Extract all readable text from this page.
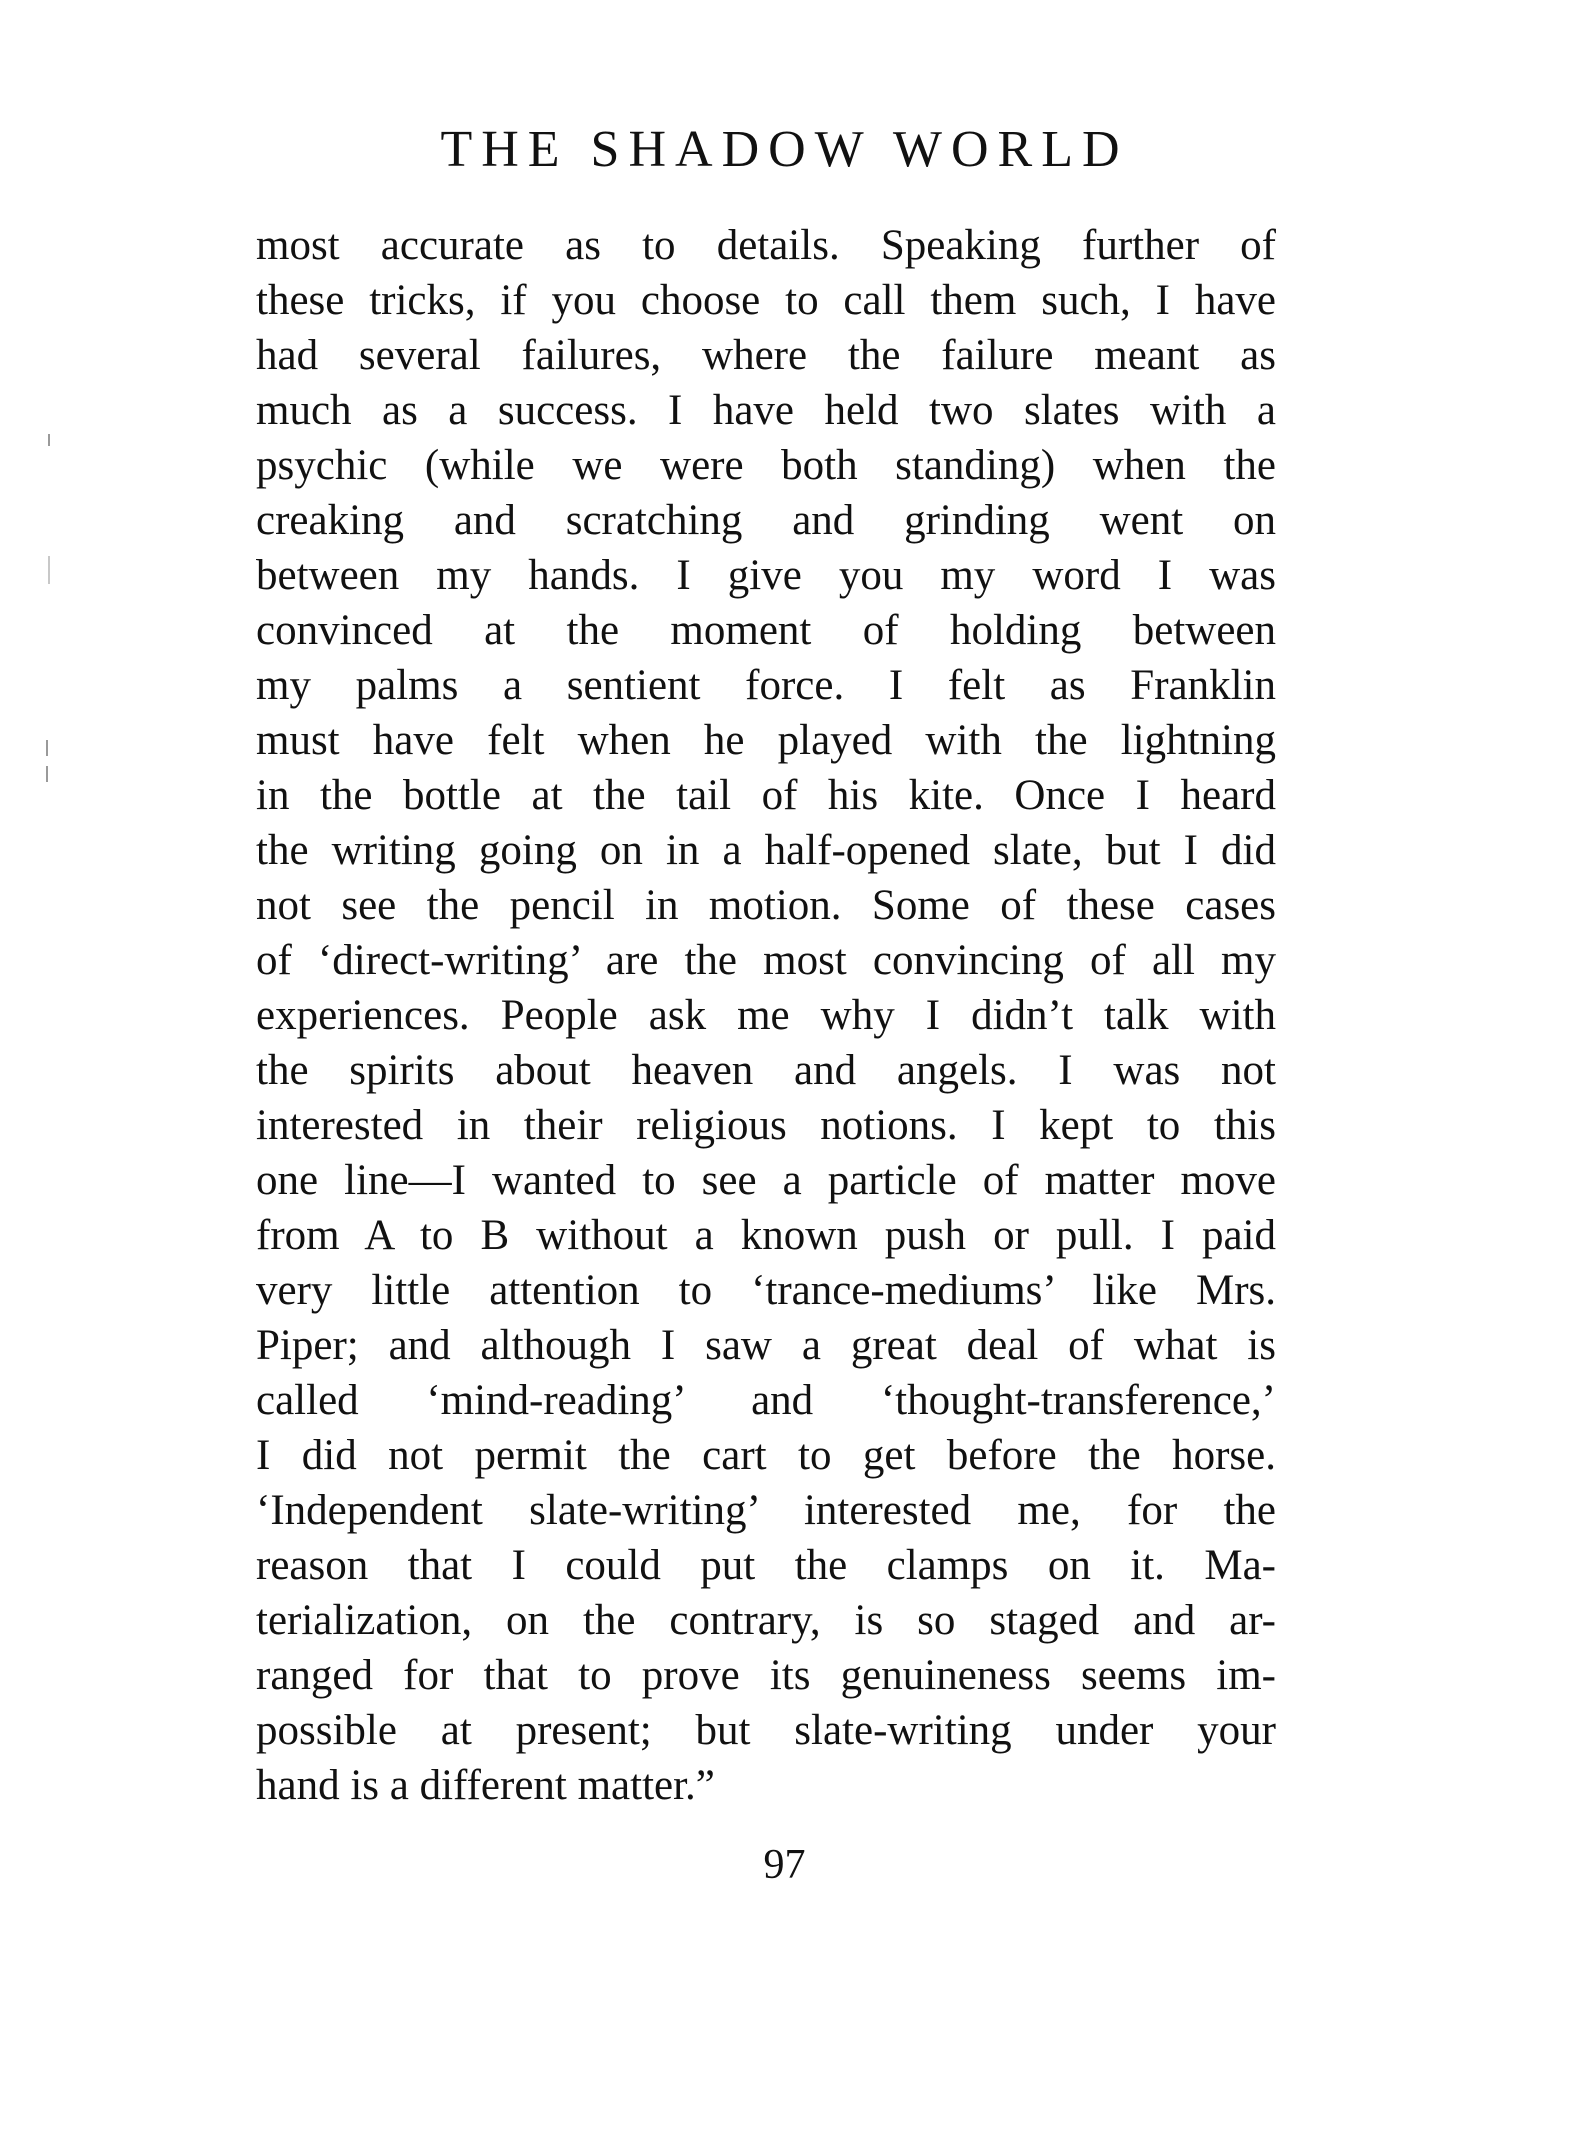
THE SHADOW WORLD
most accurate as to details. Speaking further of
these tricks, if you choose to call them such, I have
had several failures, where the failure meant as
much as a success. I have held two slates with a
psychic (while we were both standing) when the
creaking and scratching and grinding went on
between my hands. I give you my word I was
convinced at the moment of holding between
my palms a sentient force. I felt as Franklin
must have felt when he played with the lightning
in the bottle at the tail of his kite. Once I heard
the writing going on in a half-opened slate, but I did
not see the pencil in motion. Some of these cases
of ‘direct-writing’ are the most convincing of all my
experiences. People ask me why I didn’t talk with
the spirits about heaven and angels. I was not
interested in their religious notions. I kept to this
one line—I wanted to see a particle of matter move
from A to B without a known push or pull. I paid
very little attention to ‘trance-mediums’ like Mrs.
Piper; and although I saw a great deal of what is
called ‘mind-reading’ and ‘thought-transference,’
I did not permit the cart to get before the horse.
‘Independent slate-writing’ interested me, for the
reason that I could put the clamps on it. Ma-
terialization, on the contrary, is so staged and ar-
ranged for that to prove its genuineness seems im-
possible at present; but slate-writing under your
hand is a different matter.”
97
